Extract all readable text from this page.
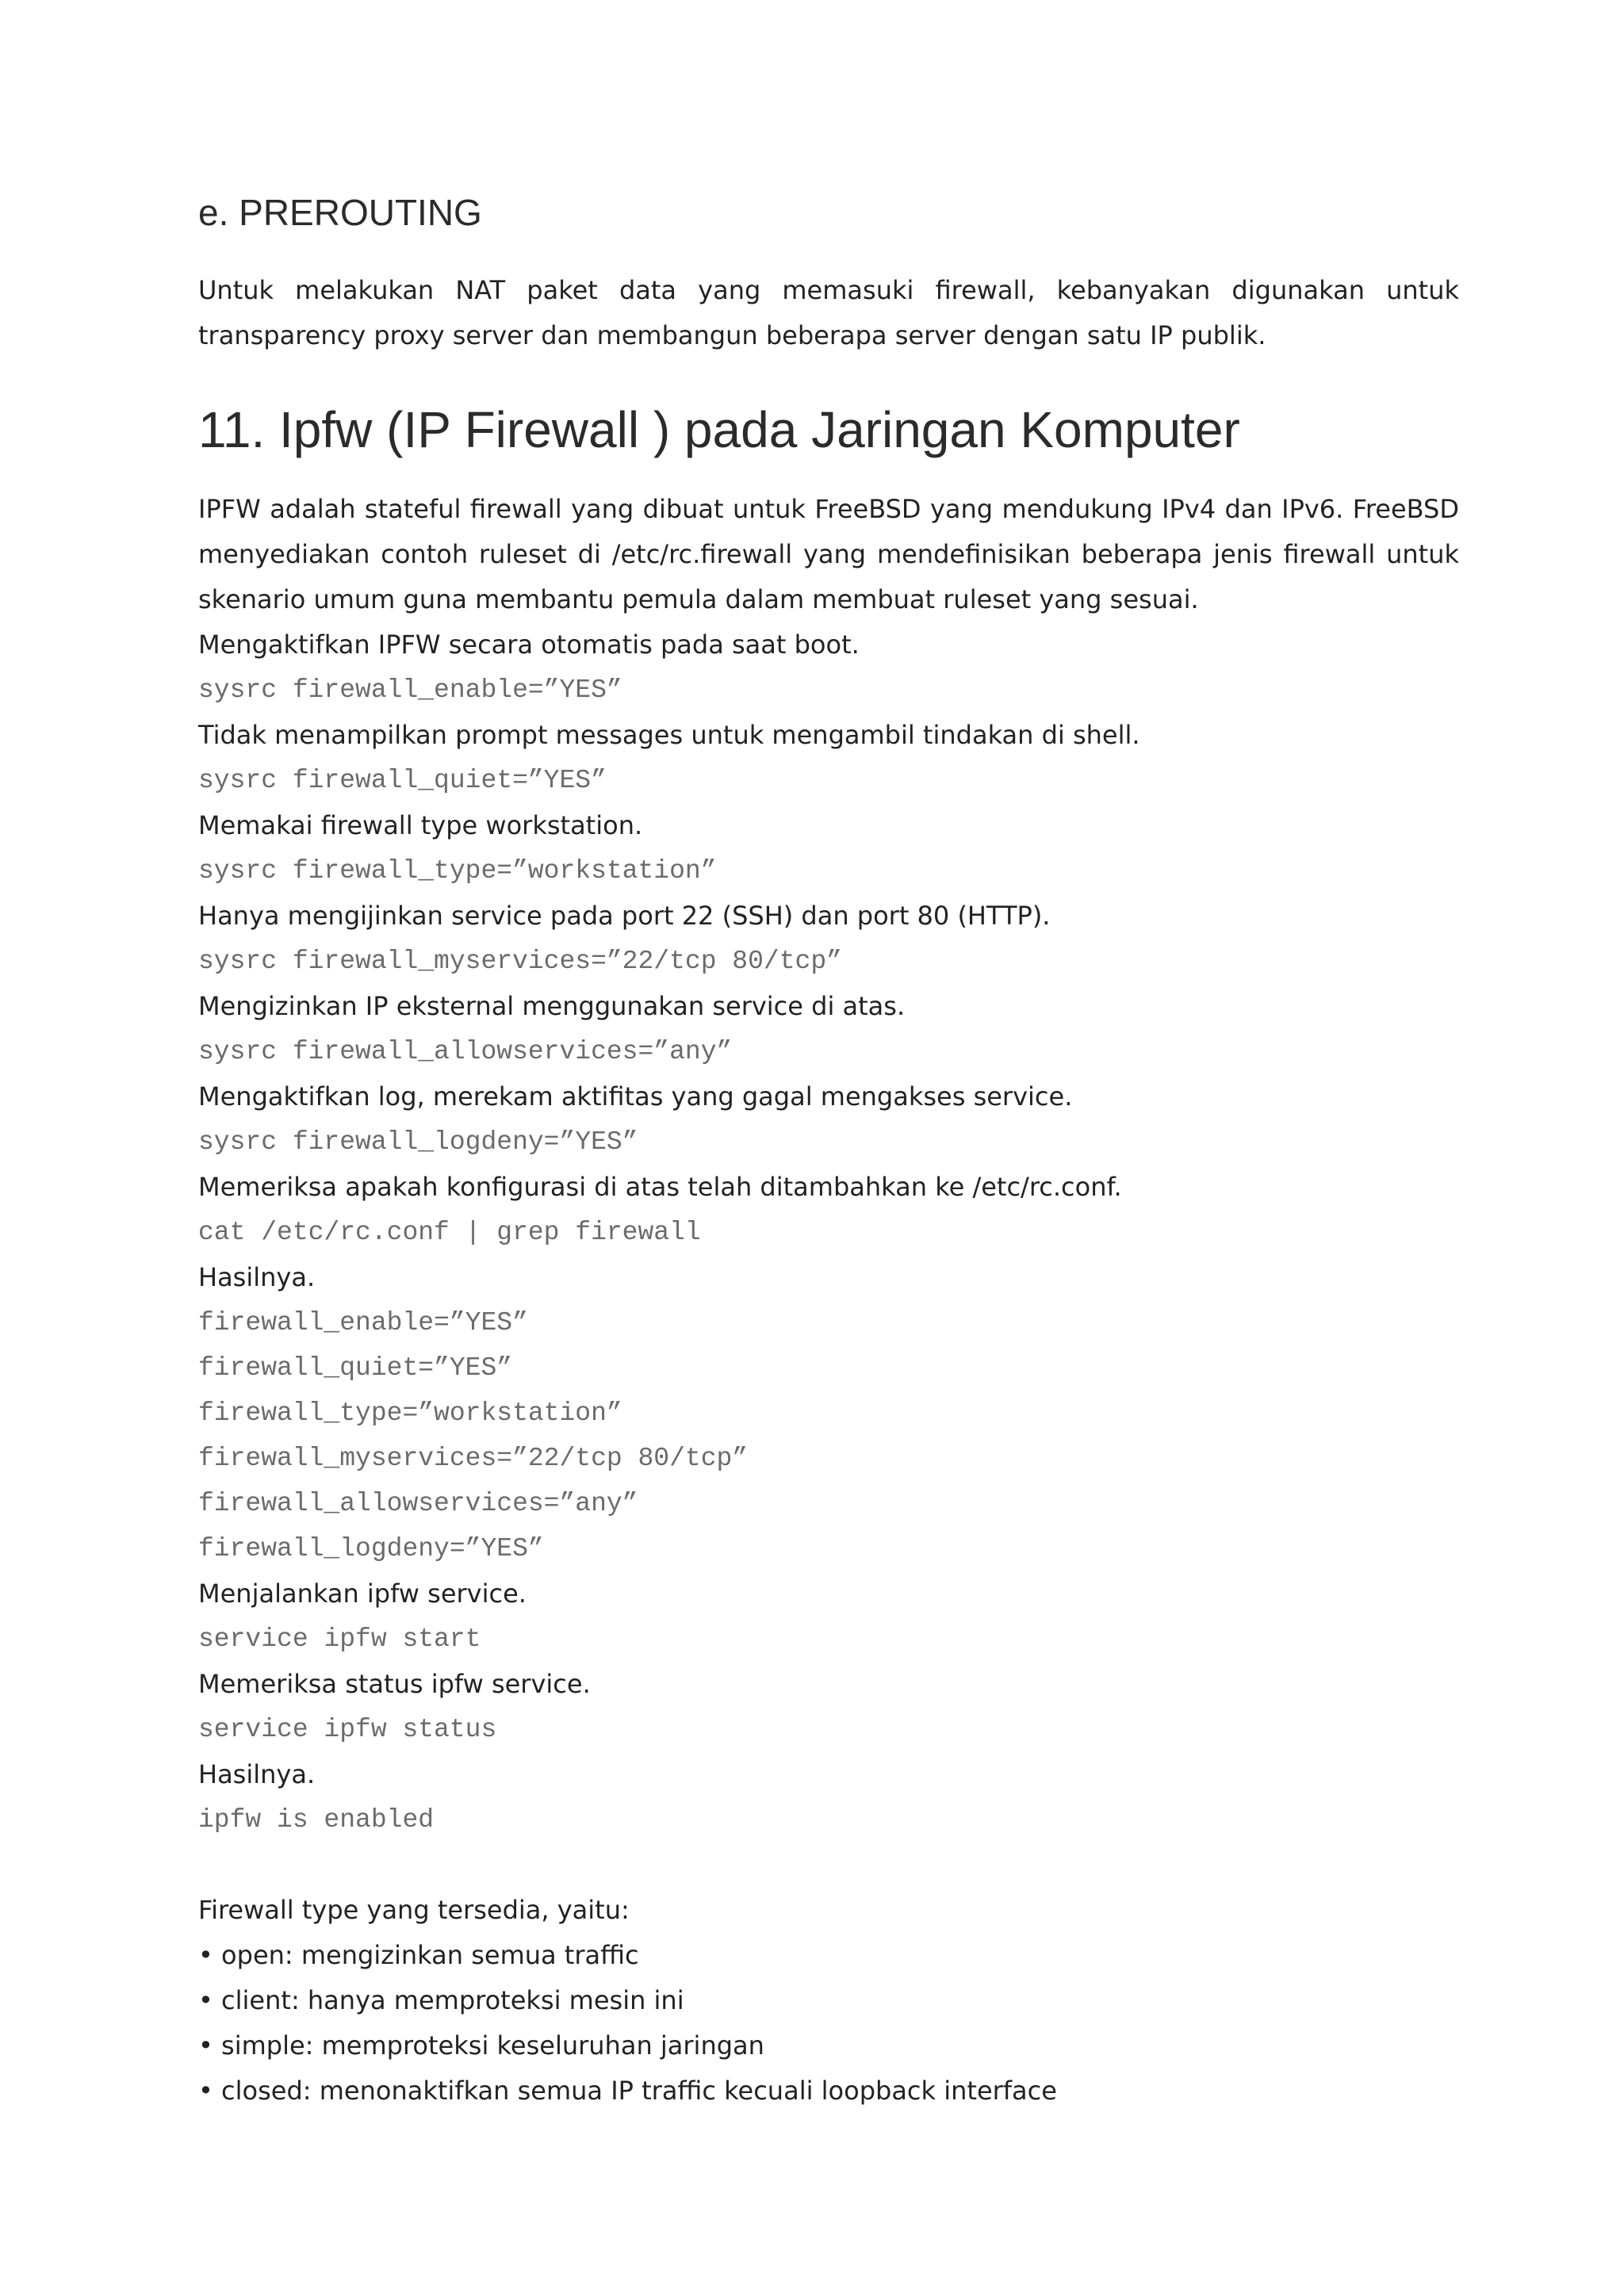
e. PREROUTING

Untuk melakukan NAT paket data yang memasuki firewall, kebanyakan digunakan untuk transparency proxy server dan membangun beberapa server dengan satu IP publik.

11. Ipfw (IP Firewall ) pada Jaringan Komputer

IPFW adalah stateful firewall yang dibuat untuk FreeBSD yang mendukung IPv4 dan IPv6. FreeBSD menyediakan contoh ruleset di /etc/rc.firewall yang mendefinisikan beberapa jenis firewall untuk skenario umum guna membantu pemula dalam membuat ruleset yang sesuai.

Mengaktifkan IPFW secara otomatis pada saat boot.

sysrc firewall_enable=”YES”

Tidak menampilkan prompt messages untuk mengambil tindakan di shell.

sysrc firewall_quiet=”YES”

Memakai firewall type workstation.

sysrc firewall_type=”workstation”

Hanya mengijinkan service pada port 22 (SSH) dan port 80 (HTTP).

sysrc firewall_myservices=”22/tcp 80/tcp”

Mengizinkan IP eksternal menggunakan service di atas.

sysrc firewall_allowservices=”any”

Mengaktifkan log, merekam aktifitas yang gagal mengakses service.

sysrc firewall_logdeny=”YES”

Memeriksa apakah konfigurasi di atas telah ditambahkan ke /etc/rc.conf.

cat /etc/rc.conf | grep firewall

Hasilnya.

firewall_enable=”YES”

firewall_quiet=”YES”

firewall_type=”workstation”

firewall_myservices=”22/tcp 80/tcp”

firewall_allowservices=”any”

firewall_logdeny=”YES”

Menjalankan ipfw service.

service ipfw start

Memeriksa status ipfw service.

service ipfw status

Hasilnya.

ipfw is enabled

Firewall type yang tersedia, yaitu:

• open: mengizinkan semua traffic

• client: hanya memproteksi mesin ini

• simple: memproteksi keseluruhan jaringan

• closed: menonaktifkan semua IP traffic kecuali loopback interface
